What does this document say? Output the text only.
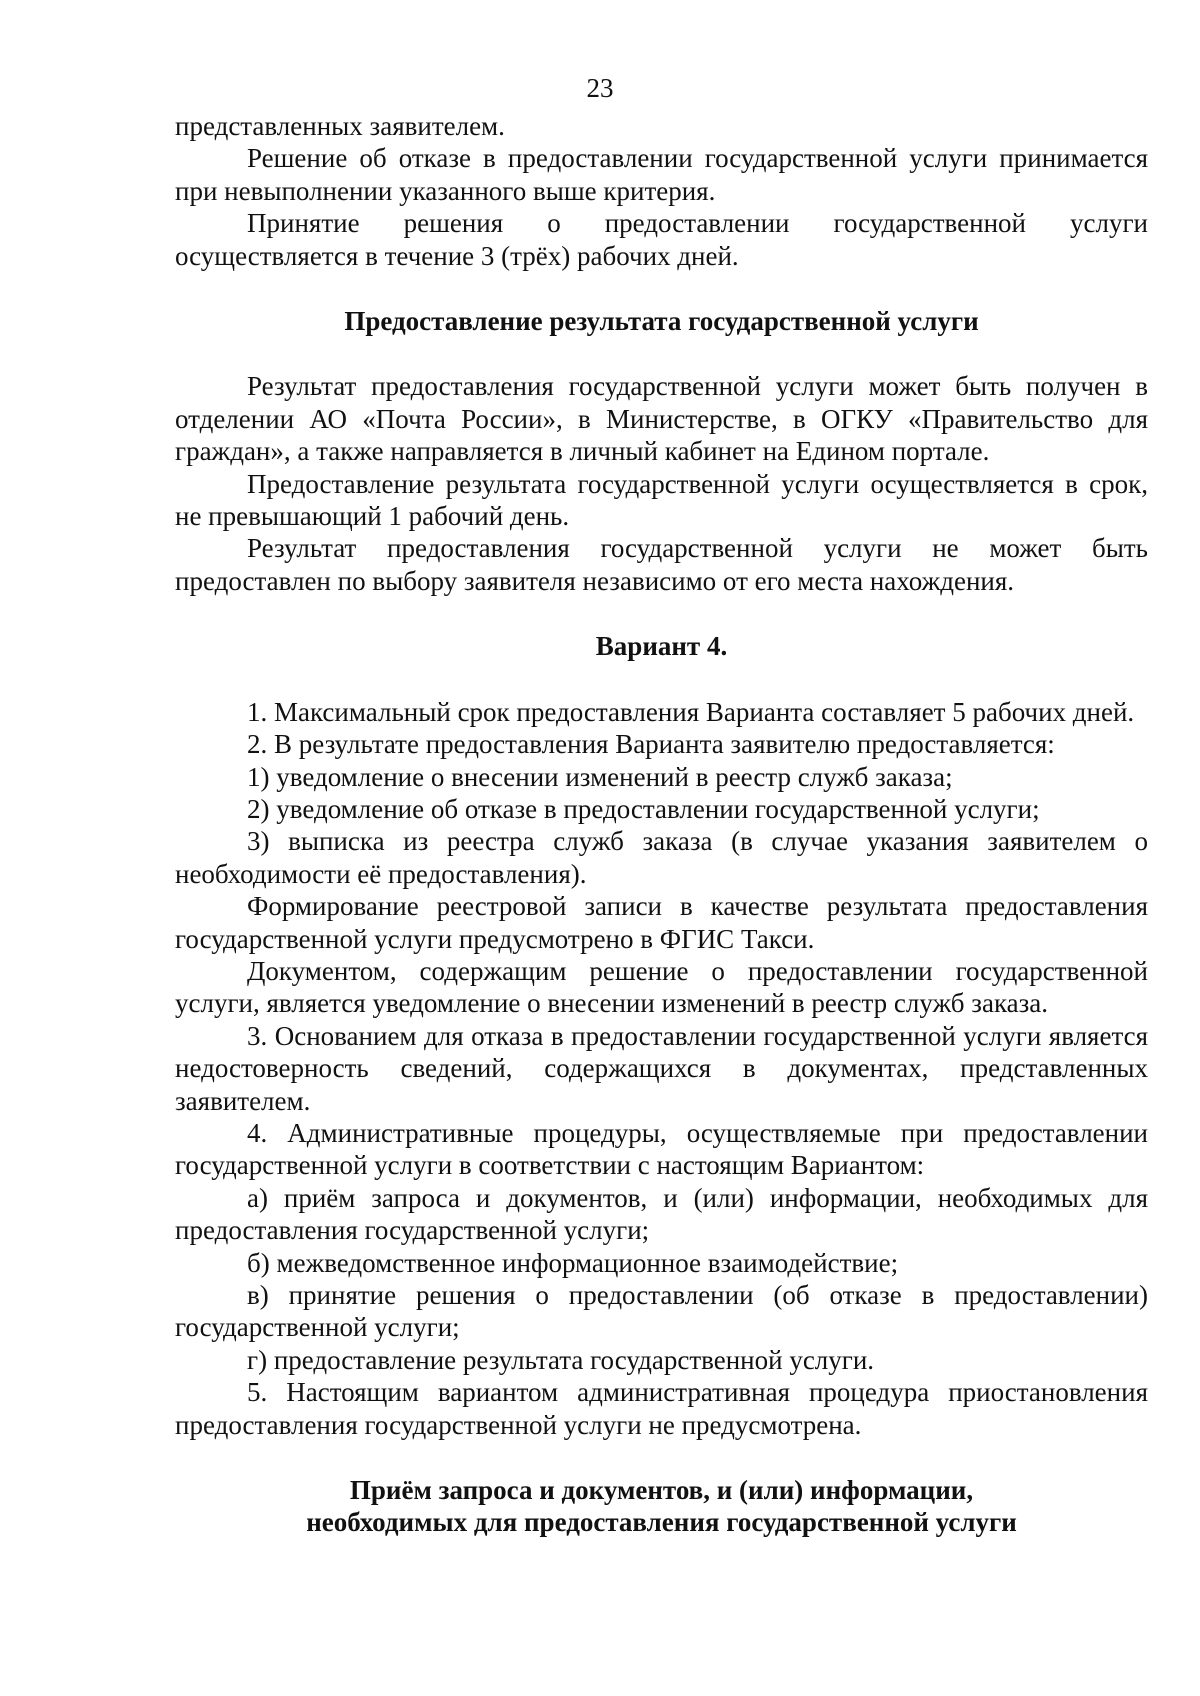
23

представленных заявителем.

Решение об отказе в предоставлении государственной услуги принимается при невыполнении указанного выше критерия.

Принятие решения о предоставлении государственной услуги осуществляется в течение 3 (трёх) рабочих дней.

Предоставление результата государственной услуги

Результат предоставления государственной услуги может быть получен в отделении АО «Почта России», в Министерстве, в ОГКУ «Правительство для граждан», а также направляется в личный кабинет на Едином портале.

Предоставление результата государственной услуги осуществляется в срок, не превышающий 1 рабочий день.

Результат предоставления государственной услуги не может быть предоставлен по выбору заявителя независимо от его места нахождения.

Вариант 4.

1. Максимальный срок предоставления Варианта составляет 5 рабочих дней.

2. В результате предоставления Варианта заявителю предоставляется:

1) уведомление о внесении изменений в реестр служб заказа;

2) уведомление об отказе в предоставлении государственной услуги;

3) выписка из реестра служб заказа (в случае указания заявителем о необходимости её предоставления).

Формирование реестровой записи в качестве результата предоставления государственной услуги предусмотрено в ФГИС Такси.

Документом, содержащим решение о предоставлении государственной услуги, является уведомление о внесении изменений в реестр служб заказа.

3. Основанием для отказа в предоставлении государственной услуги является недостоверность сведений, содержащихся в документах, представленных заявителем.

4. Административные процедуры, осуществляемые при предоставлении государственной услуги в соответствии с настоящим Вариантом:

а) приём запроса и документов, и (или) информации, необходимых для предоставления государственной услуги;

б) межведомственное информационное взаимодействие;

в) принятие решения о предоставлении (об отказе в предоставлении) государственной услуги;

г) предоставление результата государственной услуги.

5. Настоящим вариантом административная процедура приостановления предоставления государственной услуги не предусмотрена.

Приём запроса и документов, и (или) информации,
необходимых для предоставления государственной услуги
